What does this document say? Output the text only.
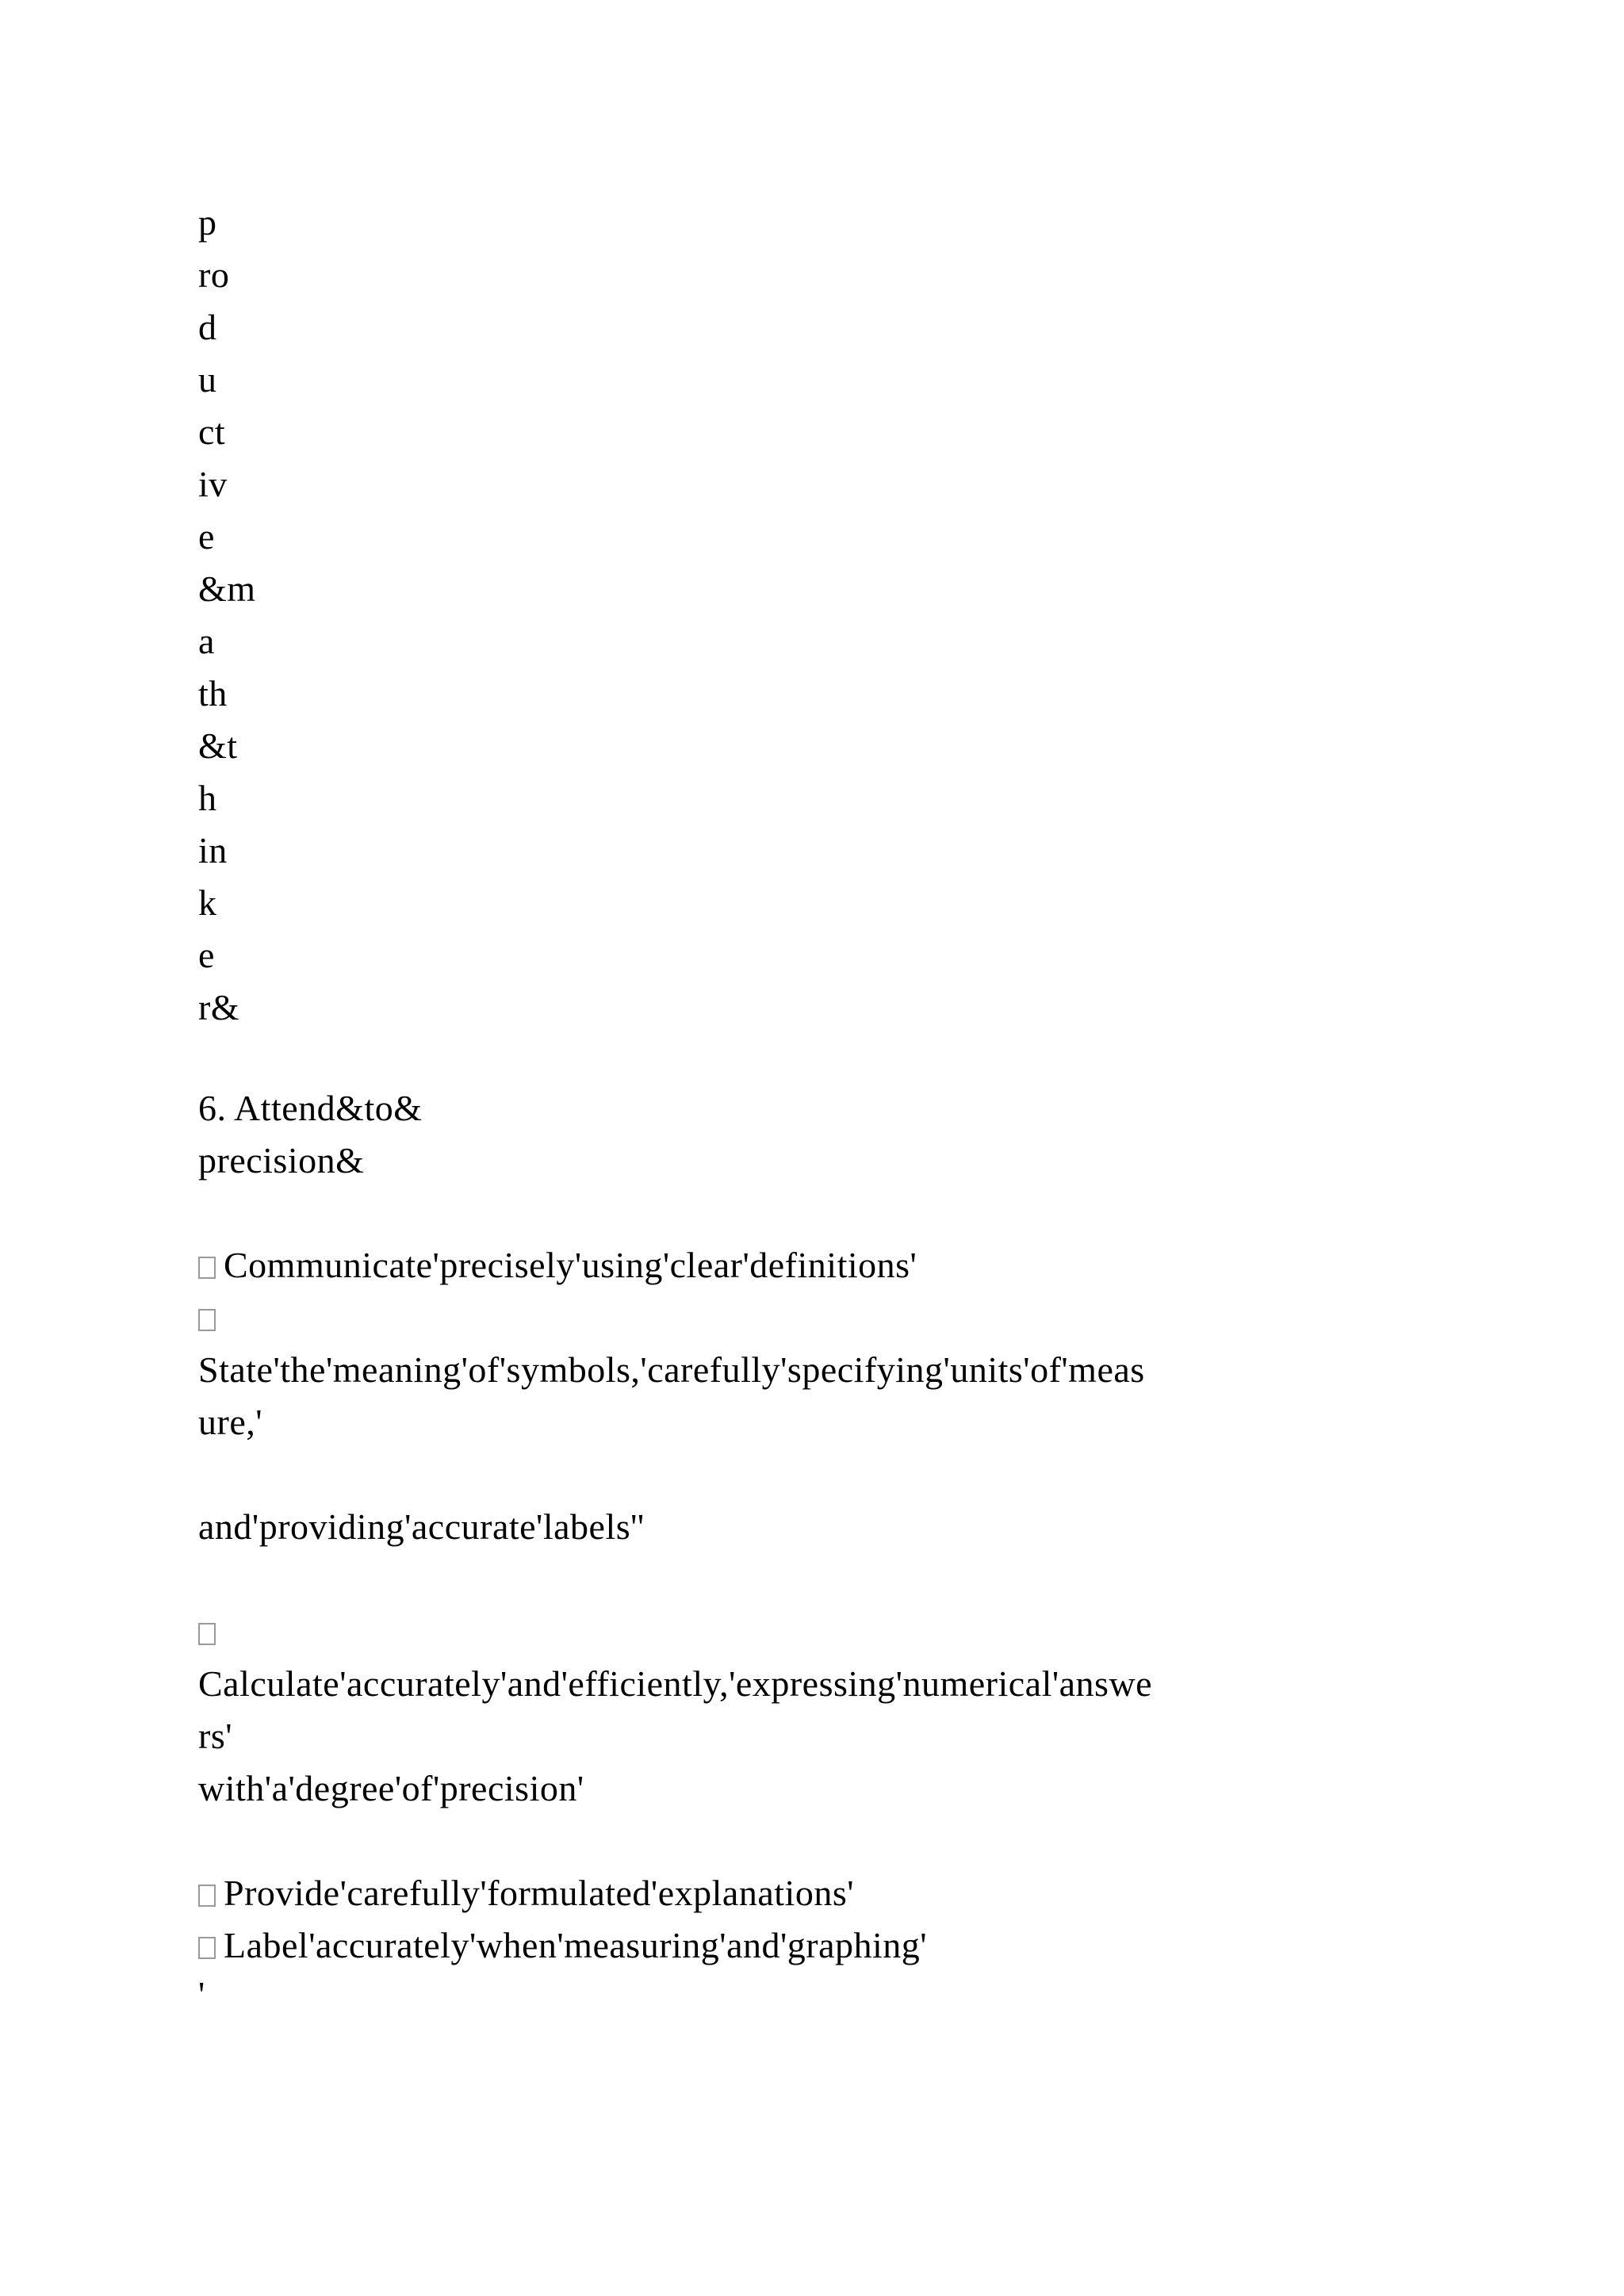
p
ro
d
u
ct
iv
e
&m
a
th
&t
h
in
k
e
r&
6. Attend&to&
precision&
Communicate'precisely'using'clear'definitions'
State'the'meaning'of'symbols,'carefully'specifying'units'of'meas
ure,'
and'providing'accurate'labels''
Calculate'accurately'and'efficiently,'expressing'numerical'answe
rs'
with'a'degree'of'precision'
Provide'carefully'formulated'explanations'
Label'accurately'when'measuring'and'graphing'
'
